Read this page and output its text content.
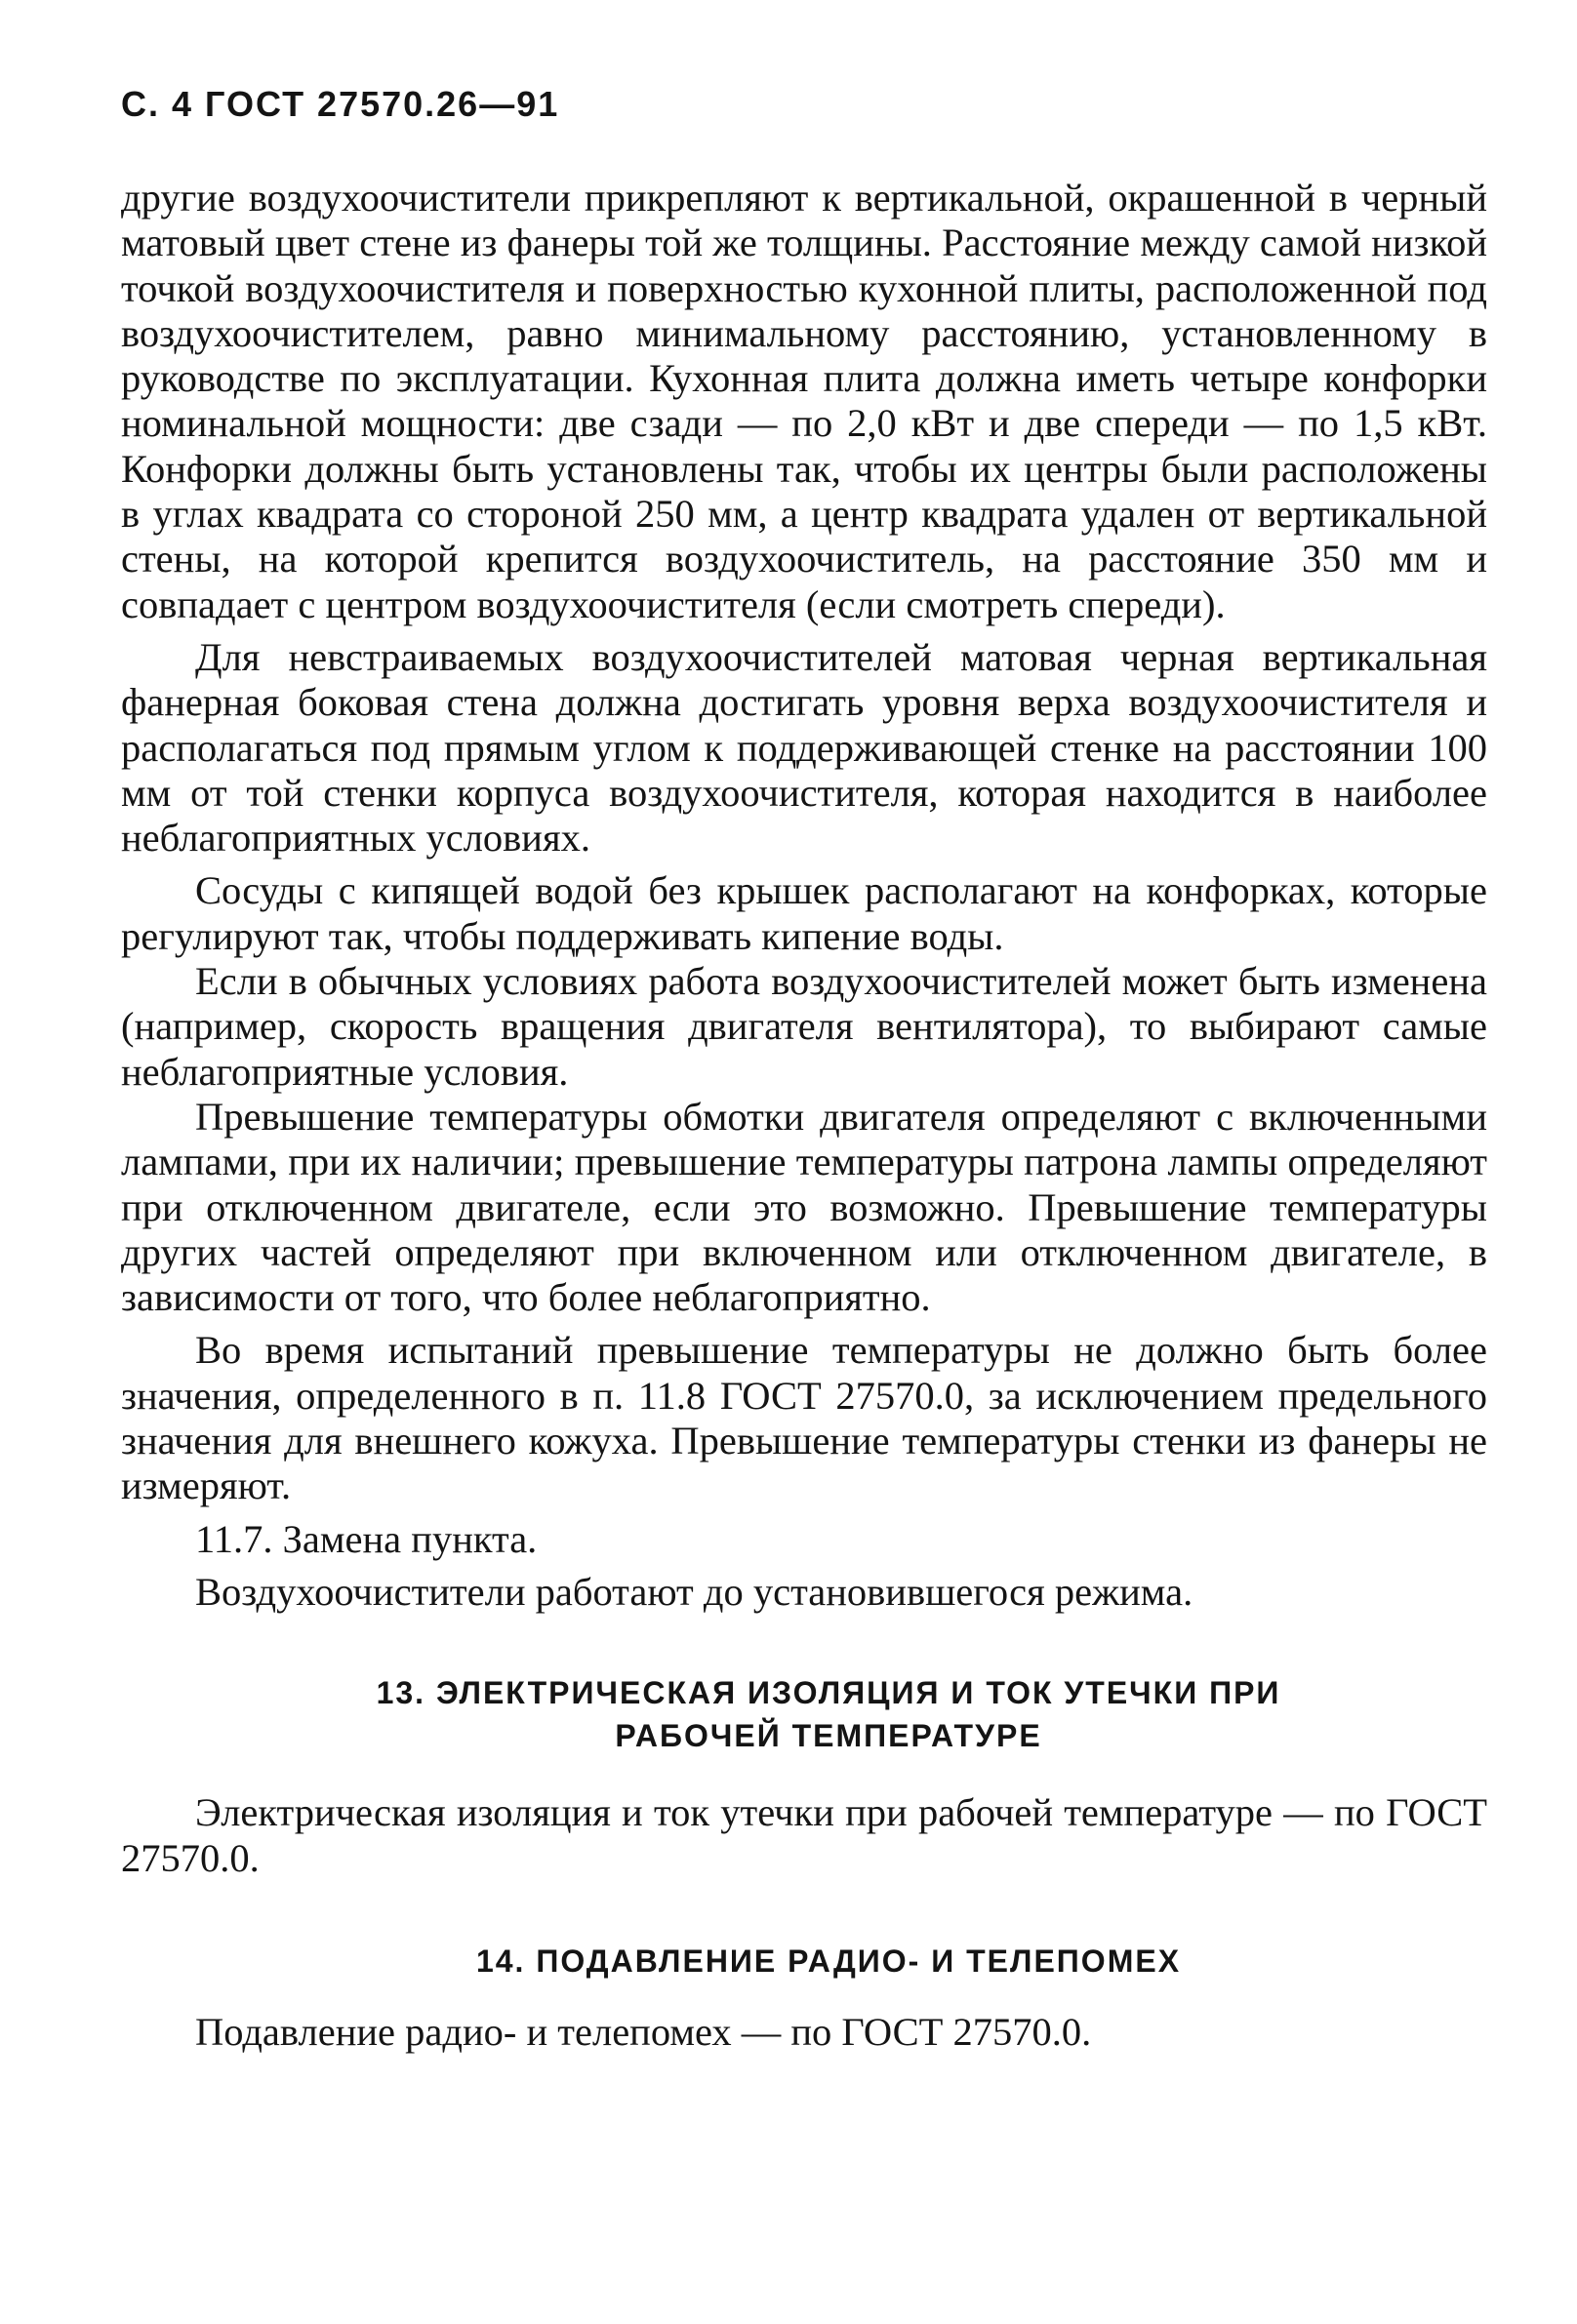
С. 4 ГОСТ 27570.26—91

другие воздухоочистители прикрепляют к вертикальной, окрашенной в черный матовый цвет стене из фанеры той же толщины. Расстояние между самой низкой точкой воздухоочистителя и поверхностью кухонной плиты, расположенной под воздухоочистителем, равно минимальному расстоянию, установленному в руководстве по эксплуатации. Кухонная плита должна иметь четыре конфорки номинальной мощности: две сзади — по 2,0 кВт и две спереди — по 1,5 кВт. Конфорки должны быть установлены так, чтобы их центры были расположены в углах квадрата со стороной 250 мм, а центр квадрата удален от вертикальной стены, на которой крепится воздухоочиститель, на расстояние 350 мм и совпадает с центром воздухоочистителя (если смотреть спереди).

Для невстраиваемых воздухоочистителей матовая черная вертикальная фанерная боковая стена должна достигать уровня верха воздухоочистителя и располагаться под прямым углом к поддерживающей стенке на расстоянии 100 мм от той стенки корпуса воздухоочистителя, которая находится в наиболее неблагоприятных условиях.

Сосуды с кипящей водой без крышек располагают на конфорках, которые регулируют так, чтобы поддерживать кипение воды.

Если в обычных условиях работа воздухоочистителей может быть изменена (например, скорость вращения двигателя вентилятора), то выбирают самые неблагоприятные условия.

Превышение температуры обмотки двигателя определяют с включенными лампами, при их наличии; превышение температуры патрона лампы определяют при отключенном двигателе, если это возможно. Превышение температуры других частей определяют при включенном или отключенном двигателе, в зависимости от того, что более неблагоприятно.

Во время испытаний превышение температуры не должно быть более значения, определенного в п. 11.8 ГОСТ 27570.0, за исключением предельного значения для внешнего кожуха. Превышение температуры стенки из фанеры не измеряют.

11.7. Замена пункта.

Воздухоочистители работают до установившегося режима.

13. ЭЛЕКТРИЧЕСКАЯ ИЗОЛЯЦИЯ И ТОК УТЕЧКИ ПРИ
РАБОЧЕЙ ТЕМПЕРАТУРЕ

Электрическая изоляция и ток утечки при рабочей температуре — по ГОСТ 27570.0.

14. ПОДАВЛЕНИЕ РАДИО- И ТЕЛЕПОМЕХ

Подавление радио- и телепомех — по ГОСТ 27570.0.
